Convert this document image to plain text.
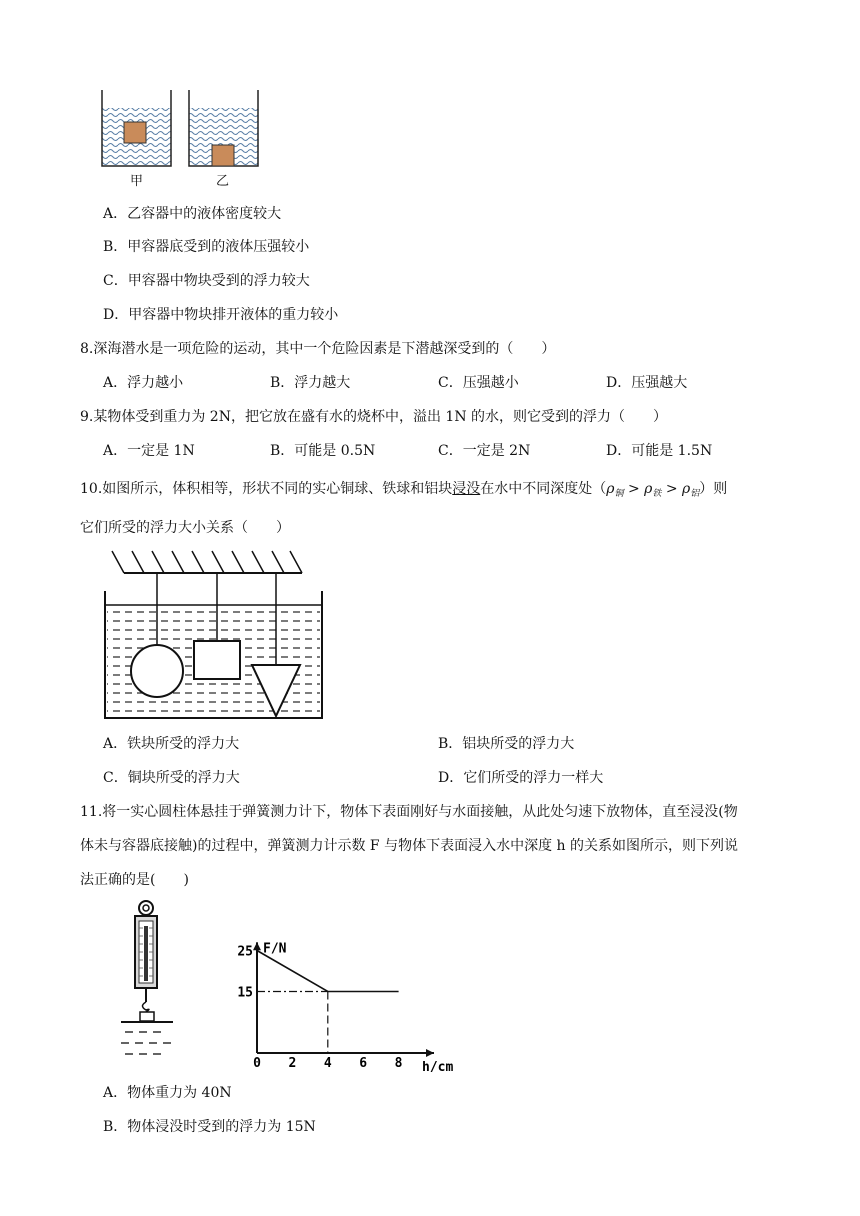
甲	乙
A．乙容器中的液体密度较大
B．甲容器底受到的液体压强较小
C．甲容器中物块受到的浮力较大
D．甲容器中物块排开液体的重力较小
8.深海潜水是一项危险的运动，其中一个危险因素是下潜越深受到的（　　）
A．浮力越小	B．浮力越大	C．压强越小	D．压强越大
9.某物体受到重力为 2N，把它放在盛有水的烧杯中，溢出 1N 的水，则它受到的浮力（　　）
A．一定是 1N	B．可能是 0.5N	C．一定是 2N	D．可能是 1.5N
10.如图所示，体积相等，形状不同的实心铜球、铁球和铝块浸没在水中不同深度处$(\rho_铜 > \rho_铁 > \rho_铝)$则
它们所受的浮力大小关系（　　）
A．铁块所受的浮力大	B．铝块所受的浮力大
C．铜块所受的浮力大	D．它们所受的浮力一样大
11.将一实心圆柱体悬挂于弹簧测力计下，物体下表面刚好与水面接触，从此处匀速下放物体，直至浸没(物
体未与容器底接触)的过程中，弹簧测力计示数 F 与物体下表面浸入水中深度 h 的关系如图所示，则下列说
法正确的是(　　)
F/N
h/cm
0 2 4 6 8
15
25
A．物体重力为 40N
B．物体浸没时受到的浮力为 15N
